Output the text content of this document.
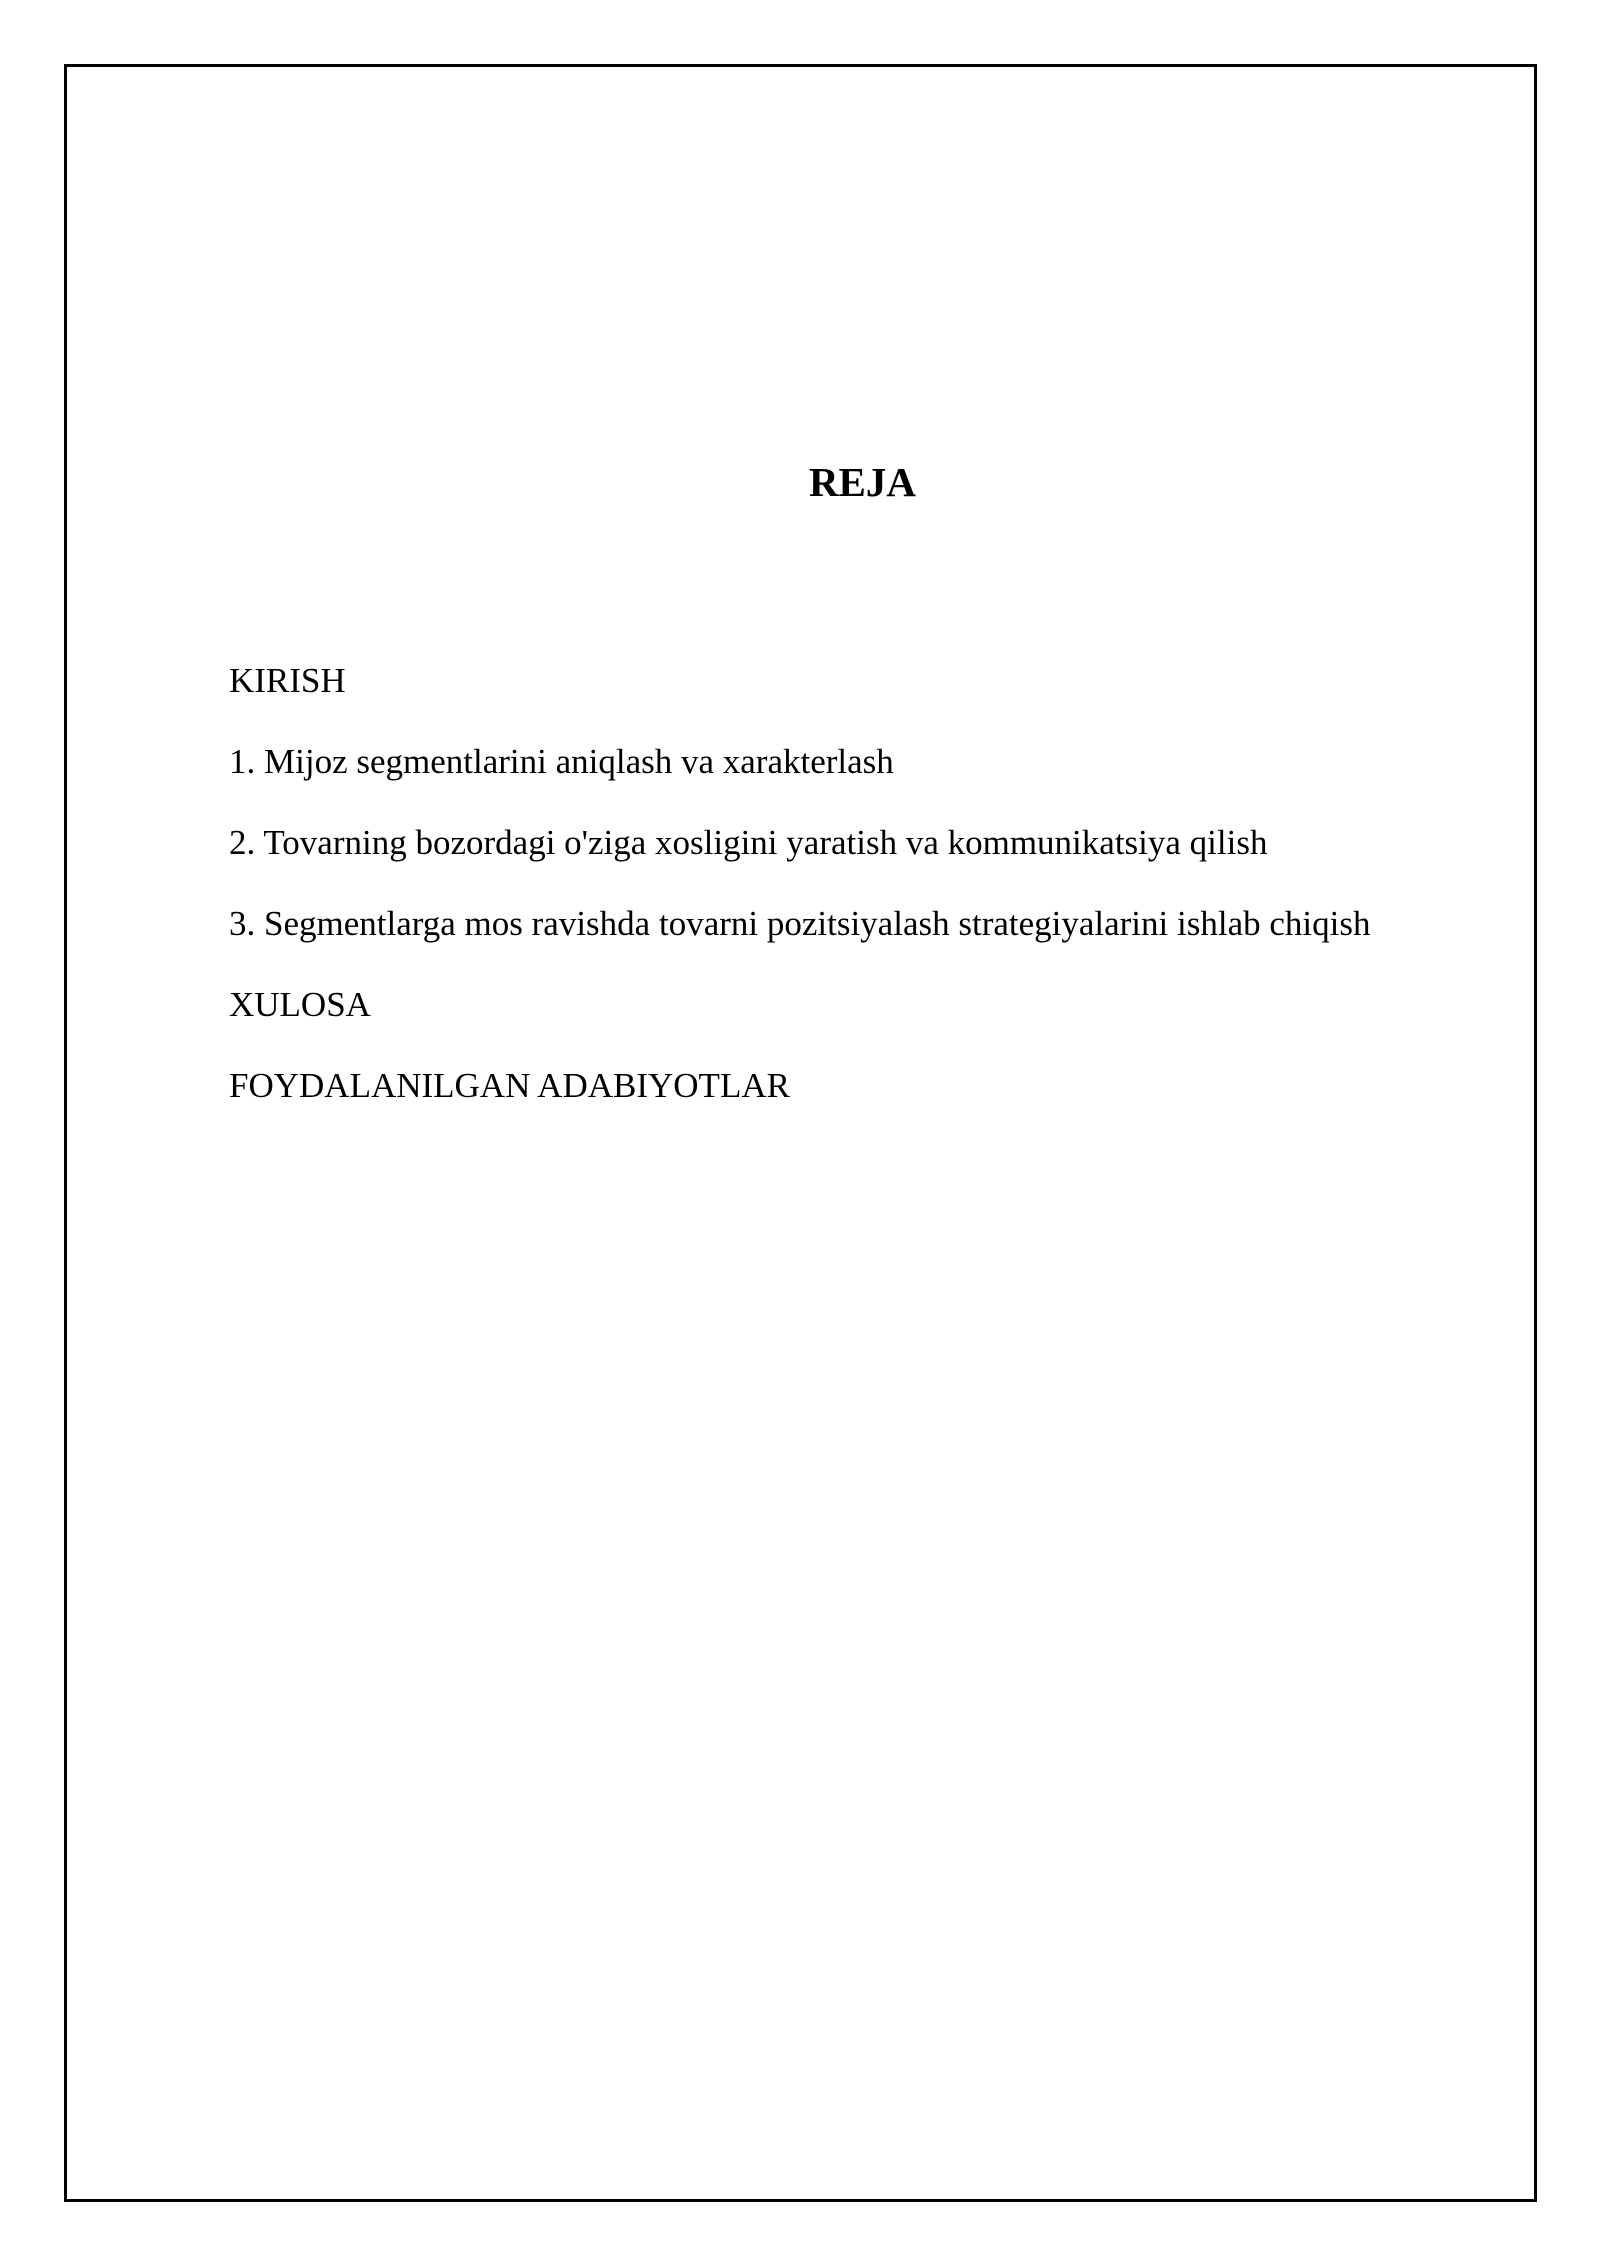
REJA
KIRISH
1. Mijoz segmentlarini aniqlash va xarakterlash
2. Tovarning bozordagi o'ziga xosligini yaratish va kommunikatsiya qilish
3. Segmentlarga mos ravishda tovarni pozitsiyalash strategiyalarini ishlab chiqish
XULOSA
FOYDALANILGAN ADABIYOTLAR
